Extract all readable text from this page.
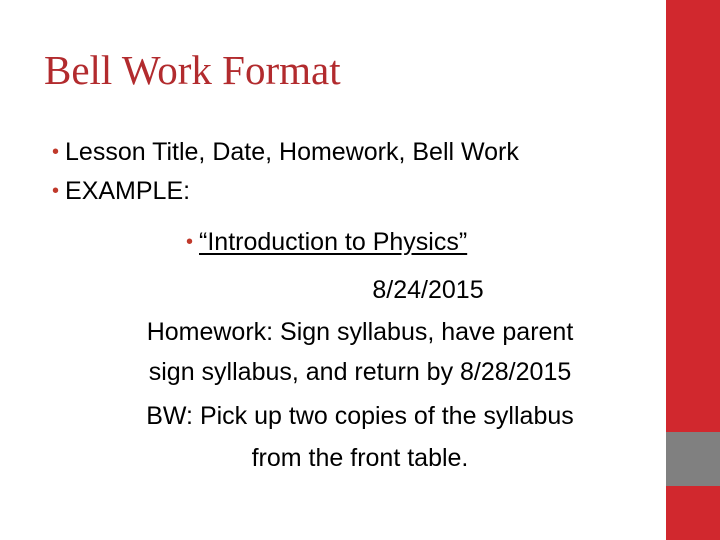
Bell Work Format
• Lesson Title, Date, Homework, Bell Work
• EXAMPLE:
• “Introduction to Physics”
8/24/2015
Homework: Sign syllabus, have parent
sign syllabus, and return by 8/28/2015
BW: Pick up two copies of the syllabus
from the front table.
